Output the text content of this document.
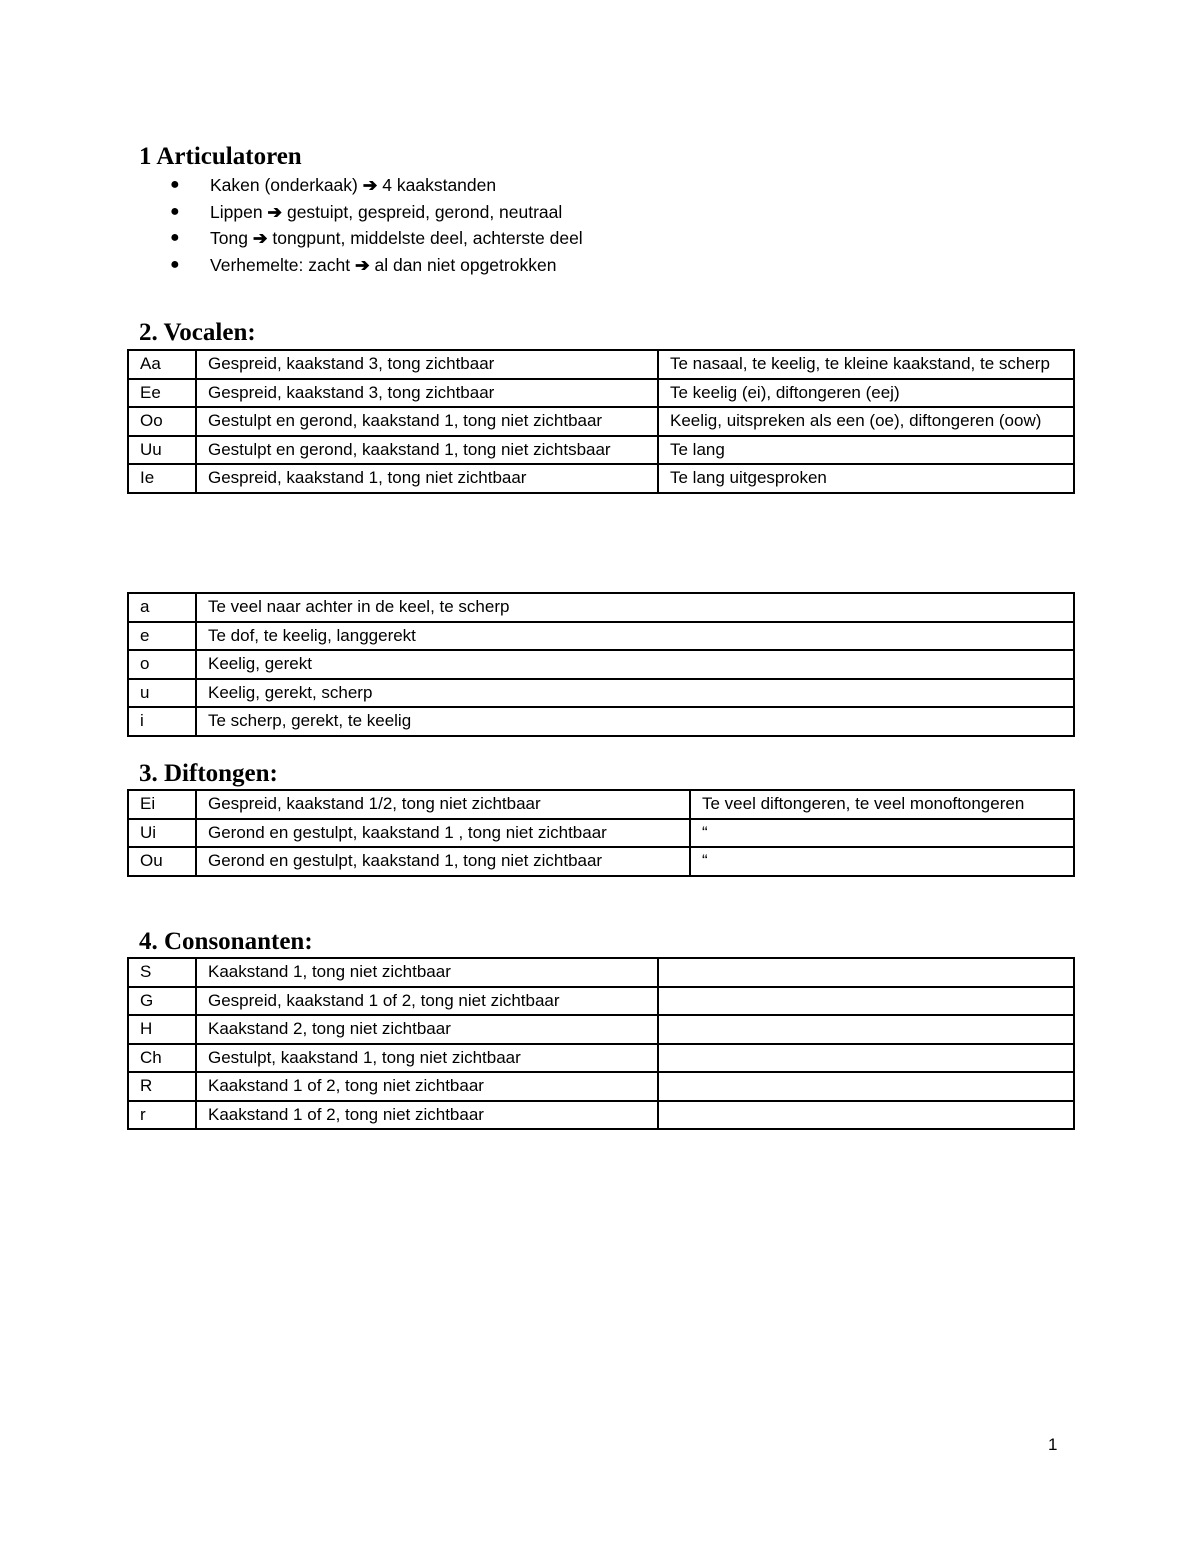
1 Articulatoren
● Kaken (onderkaak) ➔ 4 kaakstanden
● Lippen ➔ gestuipt, gespreid, gerond, neutraal
● Tong ➔ tongpunt, middelste deel, achterste deel
● Verhemelte: zacht ➔ al dan niet opgetrokken
2. Vocalen:
Aa	Gespreid, kaakstand 3, tong zichtbaar	Te nasaal, te keelig, te kleine kaakstand, te scherp
Ee	Gespreid, kaakstand 3, tong zichtbaar	Te keelig (ei), diftongeren (eej)
Oo	Gestulpt en gerond, kaakstand 1, tong niet zichtbaar	Keelig, uitspreken als een (oe), diftongeren (oow)
Uu	Gestulpt en gerond, kaakstand 1, tong niet zichtsbaar	Te lang
Ie	Gespreid, kaakstand 1, tong niet zichtbaar	Te lang uitgesproken
a	Te veel naar achter in de keel, te scherp
e	Te dof, te keelig, langgerekt
o	Keelig, gerekt
u	Keelig, gerekt, scherp
i	Te scherp, gerekt, te keelig
3. Diftongen:
Ei	Gespreid, kaakstand 1/2, tong niet zichtbaar	Te veel diftongeren, te veel monoftongeren
Ui	Gerond en gestulpt, kaakstand 1 , tong niet zichtbaar	“
Ou	Gerond en gestulpt, kaakstand 1, tong niet zichtbaar	“
4. Consonanten:
S	Kaakstand 1, tong niet zichtbaar	
G	Gespreid, kaakstand 1 of 2, tong niet zichtbaar	
H	Kaakstand 2, tong niet zichtbaar	
Ch	Gestulpt, kaakstand 1, tong niet zichtbaar	
R	Kaakstand 1 of 2, tong niet zichtbaar	
r	Kaakstand 1 of 2, tong niet zichtbaar	
1
